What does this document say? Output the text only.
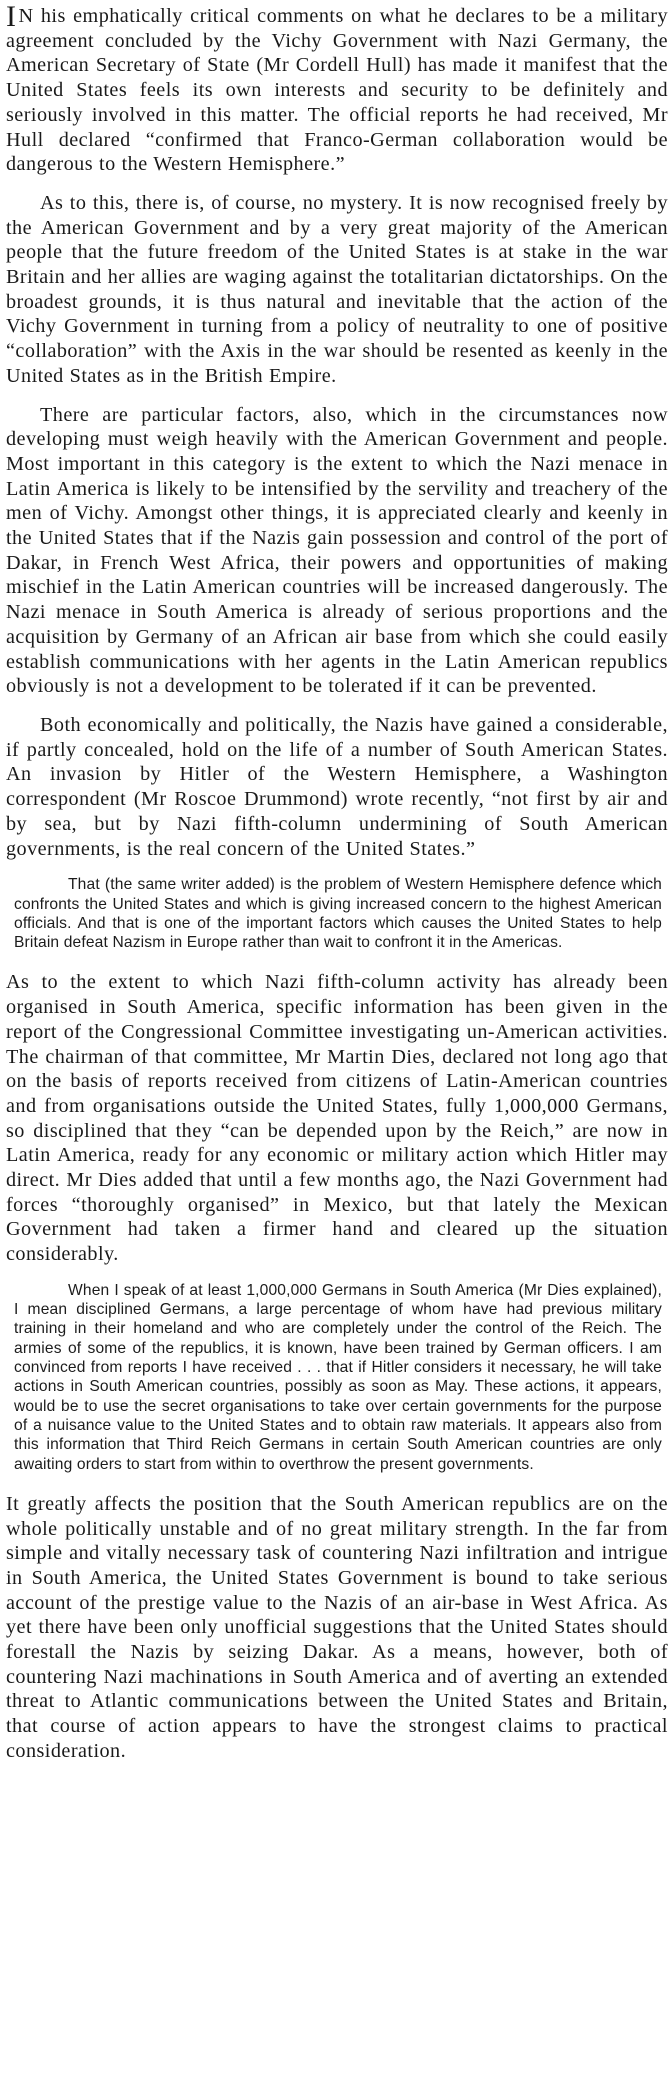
IN his emphatically critical comments on what he declares to be a military agreement concluded by the Vichy Government with Nazi Germany, the American Secretary of State (Mr Cordell Hull) has made it manifest that the United States feels its own interests and security to be definitely and seriously involved in this matter. The official reports he had received, Mr Hull declared “confirmed that Franco-German collaboration would be dangerous to the Western Hemisphere.”

As to this, there is, of course, no mystery. It is now recognised freely by the American Government and by a very great majority of the American people that the future freedom of the United States is at stake in the war Britain and her allies are waging against the totalitarian dictatorships. On the broadest grounds, it is thus natural and inevitable that the action of the Vichy Government in turning from a policy of neutrality to one of positive “collaboration” with the Axis in the war should be resented as keenly in the United States as in the British Empire.

There are particular factors, also, which in the circumstances now developing must weigh heavily with the American Government and people. Most important in this category is the extent to which the Nazi menace in Latin America is likely to be intensified by the servility and treachery of the men of Vichy. Amongst other things, it is appreciated clearly and keenly in the United States that if the Nazis gain possession and control of the port of Dakar, in French West Africa, their powers and opportunities of making mischief in the Latin American countries will be increased dangerously. The Nazi menace in South America is already of serious proportions and the acquisition by Germany of an African air base from which she could easily establish communications with her agents in the Latin American republics obviously is not a development to be tolerated if it can be prevented.

Both economically and politically, the Nazis have gained a considerable, if partly concealed, hold on the life of a number of South American States. An invasion by Hitler of the Western Hemisphere, a Washington correspondent (Mr Roscoe Drummond) wrote recently, “not first by air and by sea, but by Nazi fifth-column undermining of South American governments, is the real concern of the United States.”

That (the same writer added) is the problem of Western Hemisphere defence which confronts the United States and which is giving increased concern to the highest American officials. And that is one of the important factors which causes the United States to help Britain defeat Nazism in Europe rather than wait to confront it in the Americas.

As to the extent to which Nazi fifth-column activity has already been organised in South America, specific information has been given in the report of the Congressional Committee investigating un-American activities. The chairman of that committee, Mr Martin Dies, declared not long ago that on the basis of reports received from citizens of Latin-American countries and from organisations outside the United States, fully 1,000,000 Germans, so disciplined that they “can be depended upon by the Reich,” are now in Latin America, ready for any economic or military action which Hitler may direct. Mr Dies added that until a few months ago, the Nazi Government had forces “thoroughly organised” in Mexico, but that lately the Mexican Government had taken a firmer hand and cleared up the situation considerably.

When I speak of at least 1,000,000 Germans in South America (Mr Dies explained), I mean disciplined Germans, a large percentage of whom have had previous military training in their homeland and who are completely under the control of the Reich. The armies of some of the republics, it is known, have been trained by German officers. I am convinced from reports I have received . . . that if Hitler considers it necessary, he will take actions in South American countries, possibly as soon as May. These actions, it appears, would be to use the secret organisations to take over certain governments for the purpose of a nuisance value to the United States and to obtain raw materials. It appears also from this information that Third Reich Germans in certain South American countries are only awaiting orders to start from within to overthrow the present governments.

It greatly affects the position that the South American republics are on the whole politically unstable and of no great military strength. In the far from simple and vitally necessary task of countering Nazi infiltration and intrigue in South America, the United States Government is bound to take serious account of the prestige value to the Nazis of an air-base in West Africa. As yet there have been only unofficial suggestions that the United States should forestall the Nazis by seizing Dakar. As a means, however, both of countering Nazi machinations in South America and of averting an extended threat to Atlantic communications between the United States and Britain, that course of action appears to have the strongest claims to practical consideration.
